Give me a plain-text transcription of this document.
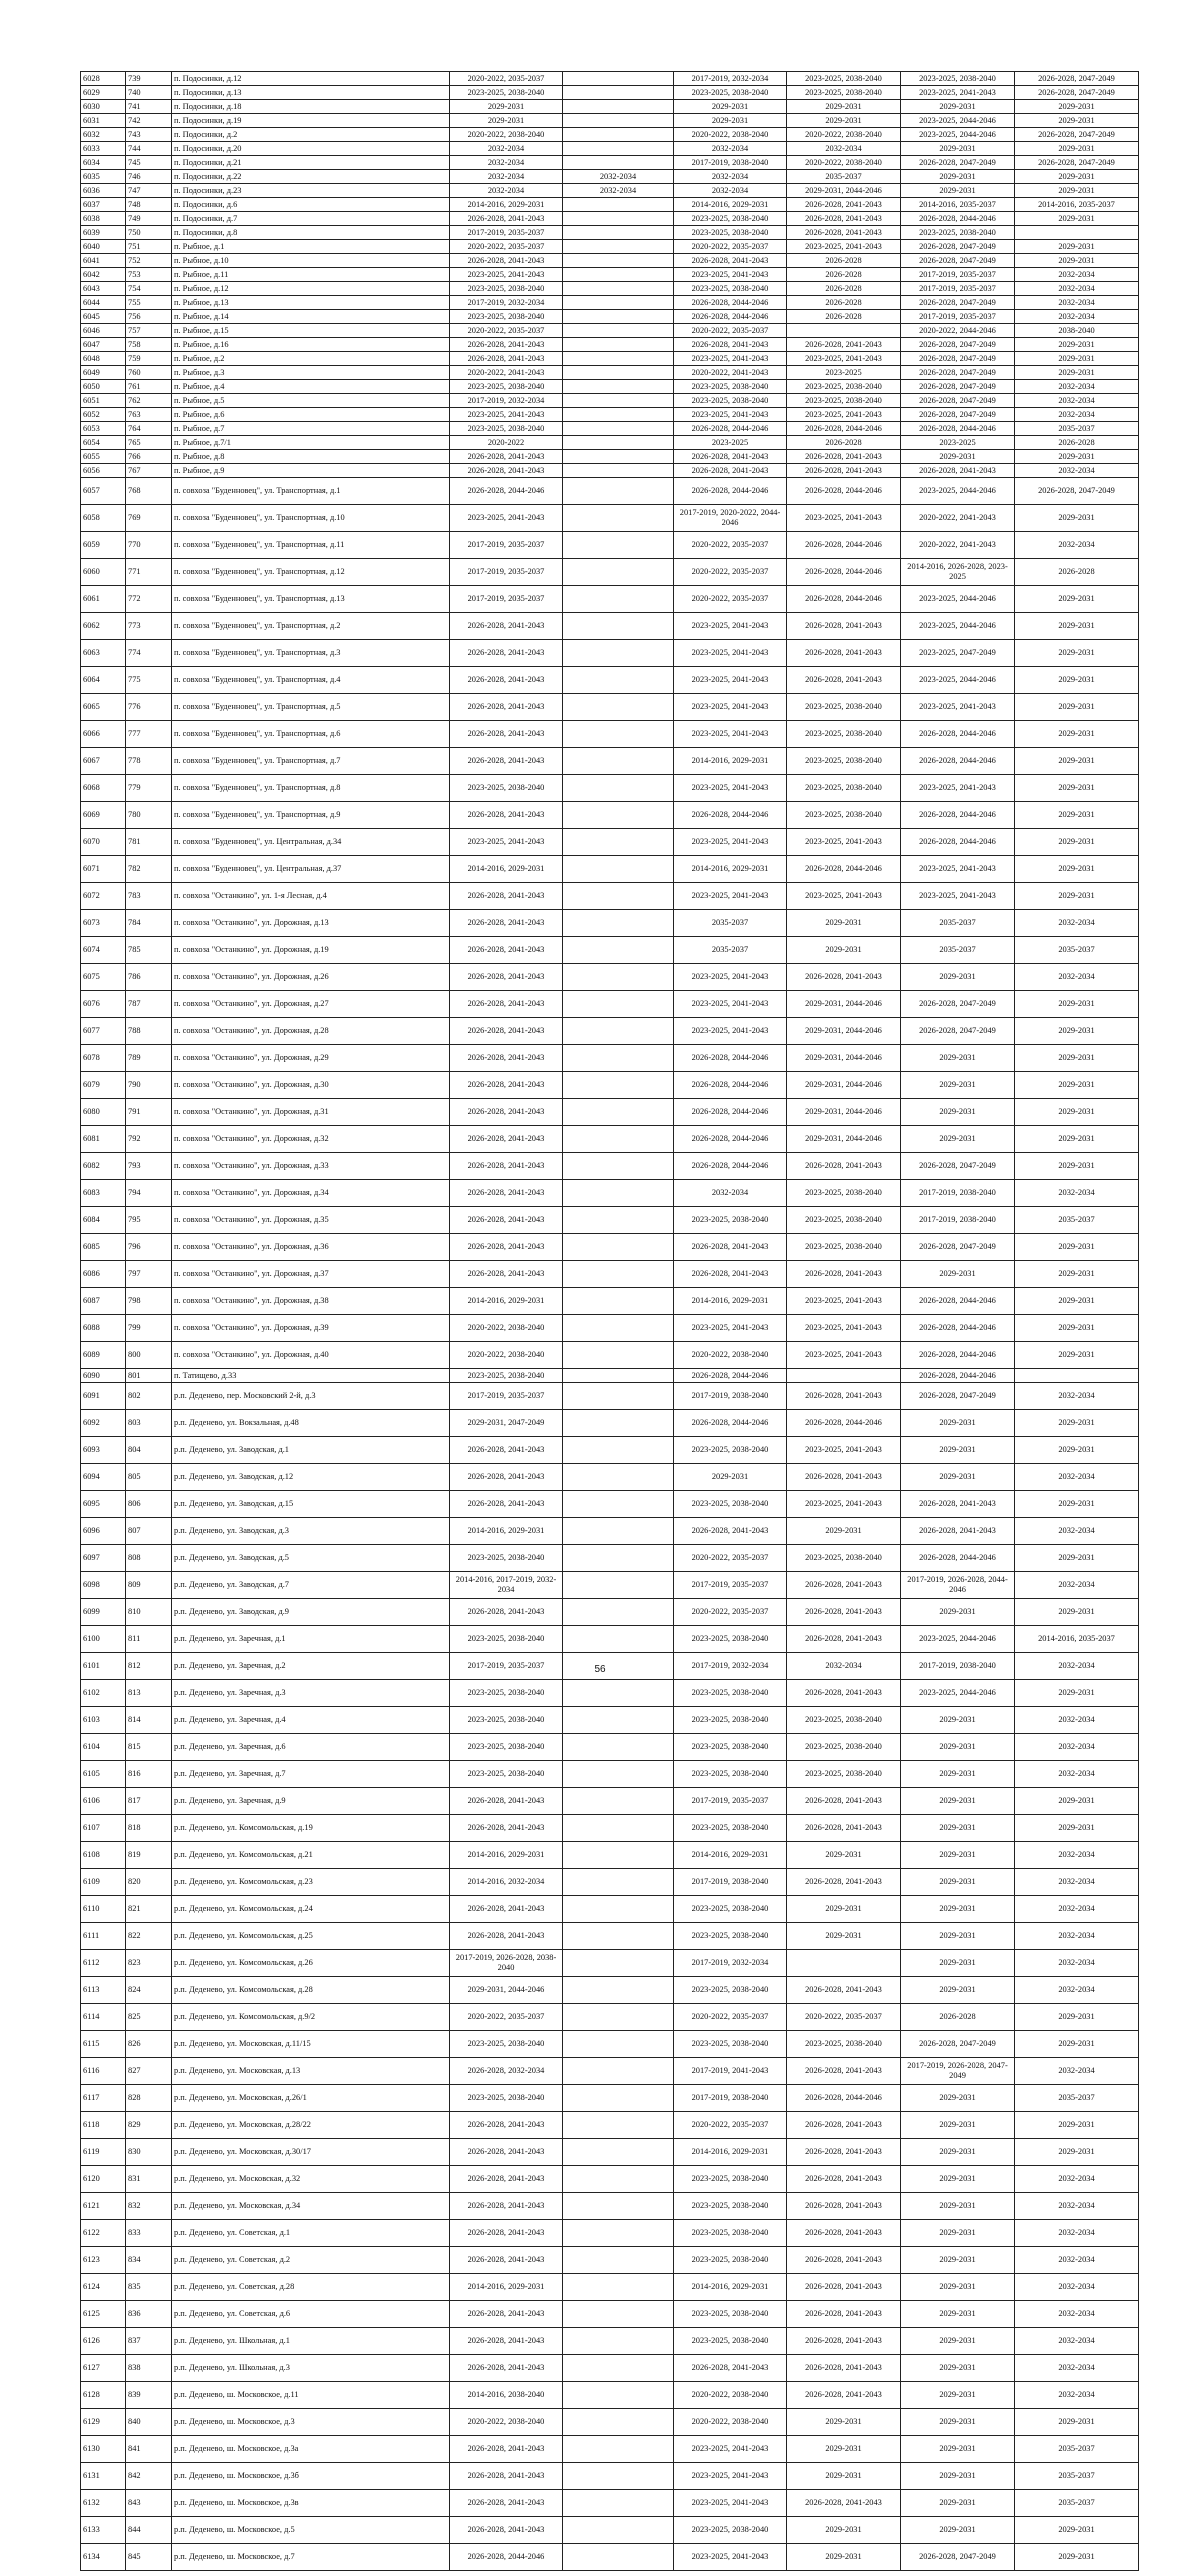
6028	739	п. Подосинки, д.12	2020-2022, 2035-2037		2017-2019, 2032-2034	2023-2025, 2038-2040	2023-2025, 2038-2040	2026-2028, 2047-2049
6029	740	п. Подосинки, д.13	2023-2025, 2038-2040		2023-2025, 2038-2040	2023-2025, 2038-2040	2023-2025, 2041-2043	2026-2028, 2047-2049
6030	741	п. Подосинки, д.18	2029-2031		2029-2031	2029-2031	2029-2031	2029-2031
6031	742	п. Подосинки, д.19	2029-2031		2029-2031	2029-2031	2023-2025, 2044-2046	2029-2031
6032	743	п. Подосинки, д.2	2020-2022, 2038-2040		2020-2022, 2038-2040	2020-2022, 2038-2040	2023-2025, 2044-2046	2026-2028, 2047-2049
6033	744	п. Подосинки, д.20	2032-2034		2032-2034	2032-2034	2029-2031	2029-2031
6034	745	п. Подосинки, д.21	2032-2034		2017-2019, 2038-2040	2020-2022, 2038-2040	2026-2028, 2047-2049	2026-2028, 2047-2049
6035	746	п. Подосинки, д.22	2032-2034	2032-2034	2032-2034	2035-2037	2029-2031	2029-2031
6036	747	п. Подосинки, д.23	2032-2034	2032-2034	2032-2034	2029-2031, 2044-2046	2029-2031	2029-2031
6037	748	п. Подосинки, д.6	2014-2016, 2029-2031		2014-2016, 2029-2031	2026-2028, 2041-2043	2014-2016, 2035-2037	2014-2016, 2035-2037
6038	749	п. Подосинки, д.7	2026-2028, 2041-2043		2023-2025, 2038-2040	2026-2028, 2041-2043	2026-2028, 2044-2046	2029-2031
6039	750	п. Подосинки, д.8	2017-2019, 2035-2037		2023-2025, 2038-2040	2026-2028, 2041-2043	2023-2025, 2038-2040	
6040	751	п. Рыбное, д.1	2020-2022, 2035-2037		2020-2022, 2035-2037	2023-2025, 2041-2043	2026-2028, 2047-2049	2029-2031
6041	752	п. Рыбное, д.10	2026-2028, 2041-2043		2026-2028, 2041-2043	2026-2028	2026-2028, 2047-2049	2029-2031
6042	753	п. Рыбное, д.11	2023-2025, 2041-2043		2023-2025, 2041-2043	2026-2028	2017-2019, 2035-2037	2032-2034
6043	754	п. Рыбное, д.12	2023-2025, 2038-2040		2023-2025, 2038-2040	2026-2028	2017-2019, 2035-2037	2032-2034
6044	755	п. Рыбное, д.13	2017-2019, 2032-2034		2026-2028, 2044-2046	2026-2028	2026-2028, 2047-2049	2032-2034
6045	756	п. Рыбное, д.14	2023-2025, 2038-2040		2026-2028, 2044-2046	2026-2028	2017-2019, 2035-2037	2032-2034
6046	757	п. Рыбное, д.15	2020-2022, 2035-2037		2020-2022, 2035-2037		2020-2022, 2044-2046	2038-2040
6047	758	п. Рыбное, д.16	2026-2028, 2041-2043		2026-2028, 2041-2043	2026-2028, 2041-2043	2026-2028, 2047-2049	2029-2031
6048	759	п. Рыбное, д.2	2026-2028, 2041-2043		2023-2025, 2041-2043	2023-2025, 2041-2043	2026-2028, 2047-2049	2029-2031
6049	760	п. Рыбное, д.3	2020-2022, 2041-2043		2020-2022, 2041-2043	2023-2025	2026-2028, 2047-2049	2029-2031
6050	761	п. Рыбное, д.4	2023-2025, 2038-2040		2023-2025, 2038-2040	2023-2025, 2038-2040	2026-2028, 2047-2049	2032-2034
6051	762	п. Рыбное, д.5	2017-2019, 2032-2034		2023-2025, 2038-2040	2023-2025, 2038-2040	2026-2028, 2047-2049	2032-2034
6052	763	п. Рыбное, д.6	2023-2025, 2041-2043		2023-2025, 2041-2043	2023-2025, 2041-2043	2026-2028, 2047-2049	2032-2034
6053	764	п. Рыбное, д.7	2023-2025, 2038-2040		2026-2028, 2044-2046	2026-2028, 2044-2046	2026-2028, 2044-2046	2035-2037
6054	765	п. Рыбное, д.7/1	2020-2022		2023-2025	2026-2028	2023-2025	2026-2028
6055	766	п. Рыбное, д.8	2026-2028, 2041-2043		2026-2028, 2041-2043	2026-2028, 2041-2043	2029-2031	2029-2031
6056	767	п. Рыбное, д.9	2026-2028, 2041-2043		2026-2028, 2041-2043	2026-2028, 2041-2043	2026-2028, 2041-2043	2032-2034
6057	768	п. совхоза "Буденновец", ул. Транспортная, д.1	2026-2028, 2044-2046		2026-2028, 2044-2046	2026-2028, 2044-2046	2023-2025, 2044-2046	2026-2028, 2047-2049
6058	769	п. совхоза "Буденновец", ул. Транспортная, д.10	2023-2025, 2041-2043		2017-2019, 2020-2022, 2044-2046	2023-2025, 2041-2043	2020-2022, 2041-2043	2029-2031
6059	770	п. совхоза "Буденновец", ул. Транспортная, д.11	2017-2019, 2035-2037		2020-2022, 2035-2037	2026-2028, 2044-2046	2020-2022, 2041-2043	2032-2034
6060	771	п. совхоза "Буденновец", ул. Транспортная, д.12	2017-2019, 2035-2037		2020-2022, 2035-2037	2026-2028, 2044-2046	2014-2016, 2026-2028, 2023-2025	2026-2028
6061	772	п. совхоза "Буденновец", ул. Транспортная, д.13	2017-2019, 2035-2037		2020-2022, 2035-2037	2026-2028, 2044-2046	2023-2025, 2044-2046	2029-2031
6062	773	п. совхоза "Буденновец", ул. Транспортная, д.2	2026-2028, 2041-2043		2023-2025, 2041-2043	2026-2028, 2041-2043	2023-2025, 2044-2046	2029-2031
6063	774	п. совхоза "Буденновец", ул. Транспортная, д.3	2026-2028, 2041-2043		2023-2025, 2041-2043	2026-2028, 2041-2043	2023-2025, 2047-2049	2029-2031
6064	775	п. совхоза "Буденновец", ул. Транспортная, д.4	2026-2028, 2041-2043		2023-2025, 2041-2043	2026-2028, 2041-2043	2023-2025, 2044-2046	2029-2031
6065	776	п. совхоза "Буденновец", ул. Транспортная, д.5	2026-2028, 2041-2043		2023-2025, 2041-2043	2023-2025, 2038-2040	2023-2025, 2041-2043	2029-2031
6066	777	п. совхоза "Буденновец", ул. Транспортная, д.6	2026-2028, 2041-2043		2023-2025, 2041-2043	2023-2025, 2038-2040	2026-2028, 2044-2046	2029-2031
6067	778	п. совхоза "Буденновец", ул. Транспортная, д.7	2026-2028, 2041-2043		2014-2016, 2029-2031	2023-2025, 2038-2040	2026-2028, 2044-2046	2029-2031
6068	779	п. совхоза "Буденновец", ул. Транспортная, д.8	2023-2025, 2038-2040		2023-2025, 2041-2043	2023-2025, 2038-2040	2023-2025, 2041-2043	2029-2031
6069	780	п. совхоза "Буденновец", ул. Транспортная, д.9	2026-2028, 2041-2043		2026-2028, 2044-2046	2023-2025, 2038-2040	2026-2028, 2044-2046	2029-2031
6070	781	п. совхоза "Буденновец", ул. Центральная, д.34	2023-2025, 2041-2043		2023-2025, 2041-2043	2023-2025, 2041-2043	2026-2028, 2044-2046	2029-2031
6071	782	п. совхоза "Буденновец", ул. Центральная, д.37	2014-2016, 2029-2031		2014-2016, 2029-2031	2026-2028, 2044-2046	2023-2025, 2041-2043	2029-2031
6072	783	п. совхоза "Останкино", ул. 1-я Лесная, д.4	2026-2028, 2041-2043		2023-2025, 2041-2043	2023-2025, 2041-2043	2023-2025, 2041-2043	2029-2031
6073	784	п. совхоза "Останкино", ул. Дорожная, д.13	2026-2028, 2041-2043		2035-2037	2029-2031	2035-2037	2032-2034
6074	785	п. совхоза "Останкино", ул. Дорожная, д.19	2026-2028, 2041-2043		2035-2037	2029-2031	2035-2037	2035-2037
6075	786	п. совхоза "Останкино", ул. Дорожная, д.26	2026-2028, 2041-2043		2023-2025, 2041-2043	2026-2028, 2041-2043	2029-2031	2032-2034
6076	787	п. совхоза "Останкино", ул. Дорожная, д.27	2026-2028, 2041-2043		2023-2025, 2041-2043	2029-2031, 2044-2046	2026-2028, 2047-2049	2029-2031
6077	788	п. совхоза "Останкино", ул. Дорожная, д.28	2026-2028, 2041-2043		2023-2025, 2041-2043	2029-2031, 2044-2046	2026-2028, 2047-2049	2029-2031
6078	789	п. совхоза "Останкино", ул. Дорожная, д.29	2026-2028, 2041-2043		2026-2028, 2044-2046	2029-2031, 2044-2046	2029-2031	2029-2031
6079	790	п. совхоза "Останкино", ул. Дорожная, д.30	2026-2028, 2041-2043		2026-2028, 2044-2046	2029-2031, 2044-2046	2029-2031	2029-2031
6080	791	п. совхоза "Останкино", ул. Дорожная, д.31	2026-2028, 2041-2043		2026-2028, 2044-2046	2029-2031, 2044-2046	2029-2031	2029-2031
6081	792	п. совхоза "Останкино", ул. Дорожная, д.32	2026-2028, 2041-2043		2026-2028, 2044-2046	2029-2031, 2044-2046	2029-2031	2029-2031
6082	793	п. совхоза "Останкино", ул. Дорожная, д.33	2026-2028, 2041-2043		2026-2028, 2044-2046	2026-2028, 2041-2043	2026-2028, 2047-2049	2029-2031
6083	794	п. совхоза "Останкино", ул. Дорожная, д.34	2026-2028, 2041-2043		2032-2034	2023-2025, 2038-2040	2017-2019, 2038-2040	2032-2034
6084	795	п. совхоза "Останкино", ул. Дорожная, д.35	2026-2028, 2041-2043		2023-2025, 2038-2040	2023-2025, 2038-2040	2017-2019, 2038-2040	2035-2037
6085	796	п. совхоза "Останкино", ул. Дорожная, д.36	2026-2028, 2041-2043		2026-2028, 2041-2043	2023-2025, 2038-2040	2026-2028, 2047-2049	2029-2031
6086	797	п. совхоза "Останкино", ул. Дорожная, д.37	2026-2028, 2041-2043		2026-2028, 2041-2043	2026-2028, 2041-2043	2029-2031	2029-2031
6087	798	п. совхоза "Останкино", ул. Дорожная, д.38	2014-2016, 2029-2031		2014-2016, 2029-2031	2023-2025, 2041-2043	2026-2028, 2044-2046	2029-2031
6088	799	п. совхоза "Останкино", ул. Дорожная, д.39	2020-2022, 2038-2040		2023-2025, 2041-2043	2023-2025, 2041-2043	2026-2028, 2044-2046	2029-2031
6089	800	п. совхоза "Останкино", ул. Дорожная, д.40	2020-2022, 2038-2040		2020-2022, 2038-2040	2023-2025, 2041-2043	2026-2028, 2044-2046	2029-2031
6090	801	п. Татищево, д.33	2023-2025, 2038-2040		2026-2028, 2044-2046		2026-2028, 2044-2046	
6091	802	р.п. Деденево, пер. Московский 2-й, д.3	2017-2019, 2035-2037		2017-2019, 2038-2040	2026-2028, 2041-2043	2026-2028, 2047-2049	2032-2034
6092	803	р.п. Деденево, ул. Вокзальная, д.48	2029-2031, 2047-2049		2026-2028, 2044-2046	2026-2028, 2044-2046	2029-2031	2029-2031
6093	804	р.п. Деденево, ул. Заводская, д.1	2026-2028, 2041-2043		2023-2025, 2038-2040	2023-2025, 2041-2043	2029-2031	2029-2031
6094	805	р.п. Деденево, ул. Заводская, д.12	2026-2028, 2041-2043		2029-2031	2026-2028, 2041-2043	2029-2031	2032-2034
6095	806	р.п. Деденево, ул. Заводская, д.15	2026-2028, 2041-2043		2023-2025, 2038-2040	2023-2025, 2041-2043	2026-2028, 2041-2043	2029-2031
6096	807	р.п. Деденево, ул. Заводская, д.3	2014-2016, 2029-2031		2026-2028, 2041-2043	2029-2031	2026-2028, 2041-2043	2032-2034
6097	808	р.п. Деденево, ул. Заводская, д.5	2023-2025, 2038-2040		2020-2022, 2035-2037	2023-2025, 2038-2040	2026-2028, 2044-2046	2029-2031
6098	809	р.п. Деденево, ул. Заводская, д.7	2014-2016, 2017-2019, 2032-2034		2017-2019, 2035-2037	2026-2028, 2041-2043	2017-2019, 2026-2028, 2044-2046	2032-2034
6099	810	р.п. Деденево, ул. Заводская, д.9	2026-2028, 2041-2043		2020-2022, 2035-2037	2026-2028, 2041-2043	2029-2031	2029-2031
6100	811	р.п. Деденево, ул. Заречная, д.1	2023-2025, 2038-2040		2023-2025, 2038-2040	2026-2028, 2041-2043	2023-2025, 2044-2046	2014-2016, 2035-2037
6101	812	р.п. Деденево, ул. Заречная, д.2	2017-2019, 2035-2037		2017-2019, 2032-2034	2032-2034	2017-2019, 2038-2040	2032-2034
6102	813	р.п. Деденево, ул. Заречная, д.3	2023-2025, 2038-2040		2023-2025, 2038-2040	2026-2028, 2041-2043	2023-2025, 2044-2046	2029-2031
6103	814	р.п. Деденево, ул. Заречная, д.4	2023-2025, 2038-2040		2023-2025, 2038-2040	2023-2025, 2038-2040	2029-2031	2032-2034
6104	815	р.п. Деденево, ул. Заречная, д.6	2023-2025, 2038-2040		2023-2025, 2038-2040	2023-2025, 2038-2040	2029-2031	2032-2034
6105	816	р.п. Деденево, ул. Заречная, д.7	2023-2025, 2038-2040		2023-2025, 2038-2040	2023-2025, 2038-2040	2029-2031	2032-2034
6106	817	р.п. Деденево, ул. Заречная, д.9	2026-2028, 2041-2043		2017-2019, 2035-2037	2026-2028, 2041-2043	2029-2031	2029-2031
6107	818	р.п. Деденево, ул. Комсомольская, д.19	2026-2028, 2041-2043		2023-2025, 2038-2040	2026-2028, 2041-2043	2029-2031	2029-2031
6108	819	р.п. Деденево, ул. Комсомольская, д.21	2014-2016, 2029-2031		2014-2016, 2029-2031	2029-2031	2029-2031	2032-2034
6109	820	р.п. Деденево, ул. Комсомольская, д.23	2014-2016, 2032-2034		2017-2019, 2038-2040	2026-2028, 2041-2043	2029-2031	2032-2034
6110	821	р.п. Деденево, ул. Комсомольская, д.24	2026-2028, 2041-2043		2023-2025, 2038-2040	2029-2031	2029-2031	2032-2034
6111	822	р.п. Деденево, ул. Комсомольская, д.25	2026-2028, 2041-2043		2023-2025, 2038-2040	2029-2031	2029-2031	2032-2034
6112	823	р.п. Деденево, ул. Комсомольская, д.26	2017-2019, 2026-2028, 2038-2040		2017-2019, 2032-2034		2029-2031	2032-2034
6113	824	р.п. Деденево, ул. Комсомольская, д.28	2029-2031, 2044-2046		2023-2025, 2038-2040	2026-2028, 2041-2043	2029-2031	2032-2034
6114	825	р.п. Деденево, ул. Комсомольская, д.9/2	2020-2022, 2035-2037		2020-2022, 2035-2037	2020-2022, 2035-2037	2026-2028	2029-2031
6115	826	р.п. Деденево, ул. Московская, д.11/15	2023-2025, 2038-2040		2023-2025, 2038-2040	2023-2025, 2038-2040	2026-2028, 2047-2049	2029-2031
6116	827	р.п. Деденево, ул. Московская, д.13	2026-2028, 2032-2034		2017-2019, 2041-2043	2026-2028, 2041-2043	2017-2019, 2026-2028, 2047-2049	2032-2034
6117	828	р.п. Деденево, ул. Московская, д.26/1	2023-2025, 2038-2040		2017-2019, 2038-2040	2026-2028, 2044-2046	2029-2031	2035-2037
6118	829	р.п. Деденево, ул. Московская, д.28/22	2026-2028, 2041-2043		2020-2022, 2035-2037	2026-2028, 2041-2043	2029-2031	2029-2031
6119	830	р.п. Деденево, ул. Московская, д.30/17	2026-2028, 2041-2043		2014-2016, 2029-2031	2026-2028, 2041-2043	2029-2031	2029-2031
6120	831	р.п. Деденево, ул. Московская, д.32	2026-2028, 2041-2043		2023-2025, 2038-2040	2026-2028, 2041-2043	2029-2031	2032-2034
6121	832	р.п. Деденево, ул. Московская, д.34	2026-2028, 2041-2043		2023-2025, 2038-2040	2026-2028, 2041-2043	2029-2031	2032-2034
6122	833	р.п. Деденево, ул. Советская, д.1	2026-2028, 2041-2043		2023-2025, 2038-2040	2026-2028, 2041-2043	2029-2031	2032-2034
6123	834	р.п. Деденево, ул. Советская, д.2	2026-2028, 2041-2043		2023-2025, 2038-2040	2026-2028, 2041-2043	2029-2031	2032-2034
6124	835	р.п. Деденево, ул. Советская, д.28	2014-2016, 2029-2031		2014-2016, 2029-2031	2026-2028, 2041-2043	2029-2031	2032-2034
6125	836	р.п. Деденево, ул. Советская, д.6	2026-2028, 2041-2043		2023-2025, 2038-2040	2026-2028, 2041-2043	2029-2031	2032-2034
6126	837	р.п. Деденево, ул. Школьная, д.1	2026-2028, 2041-2043		2023-2025, 2038-2040	2026-2028, 2041-2043	2029-2031	2032-2034
6127	838	р.п. Деденево, ул. Школьная, д.3	2026-2028, 2041-2043		2026-2028, 2041-2043	2026-2028, 2041-2043	2029-2031	2032-2034
6128	839	р.п. Деденево, ш. Московское, д.11	2014-2016, 2038-2040		2020-2022, 2038-2040	2026-2028, 2041-2043	2029-2031	2032-2034
6129	840	р.п. Деденево, ш. Московское, д.3	2020-2022, 2038-2040		2020-2022, 2038-2040	2029-2031	2029-2031	2029-2031
6130	841	р.п. Деденево, ш. Московское, д.3а	2026-2028, 2041-2043		2023-2025, 2041-2043	2029-2031	2029-2031	2035-2037
6131	842	р.п. Деденево, ш. Московское, д.3б	2026-2028, 2041-2043		2023-2025, 2041-2043	2029-2031	2029-2031	2035-2037
6132	843	р.п. Деденево, ш. Московское, д.3в	2026-2028, 2041-2043		2023-2025, 2041-2043	2026-2028, 2041-2043	2029-2031	2035-2037
6133	844	р.п. Деденево, ш. Московское, д.5	2026-2028, 2041-2043		2023-2025, 2038-2040	2029-2031	2029-2031	2029-2031
6134	845	р.п. Деденево, ш. Московское, д.7	2026-2028, 2044-2046		2023-2025, 2041-2043	2029-2031	2026-2028, 2047-2049	2029-2031
56
